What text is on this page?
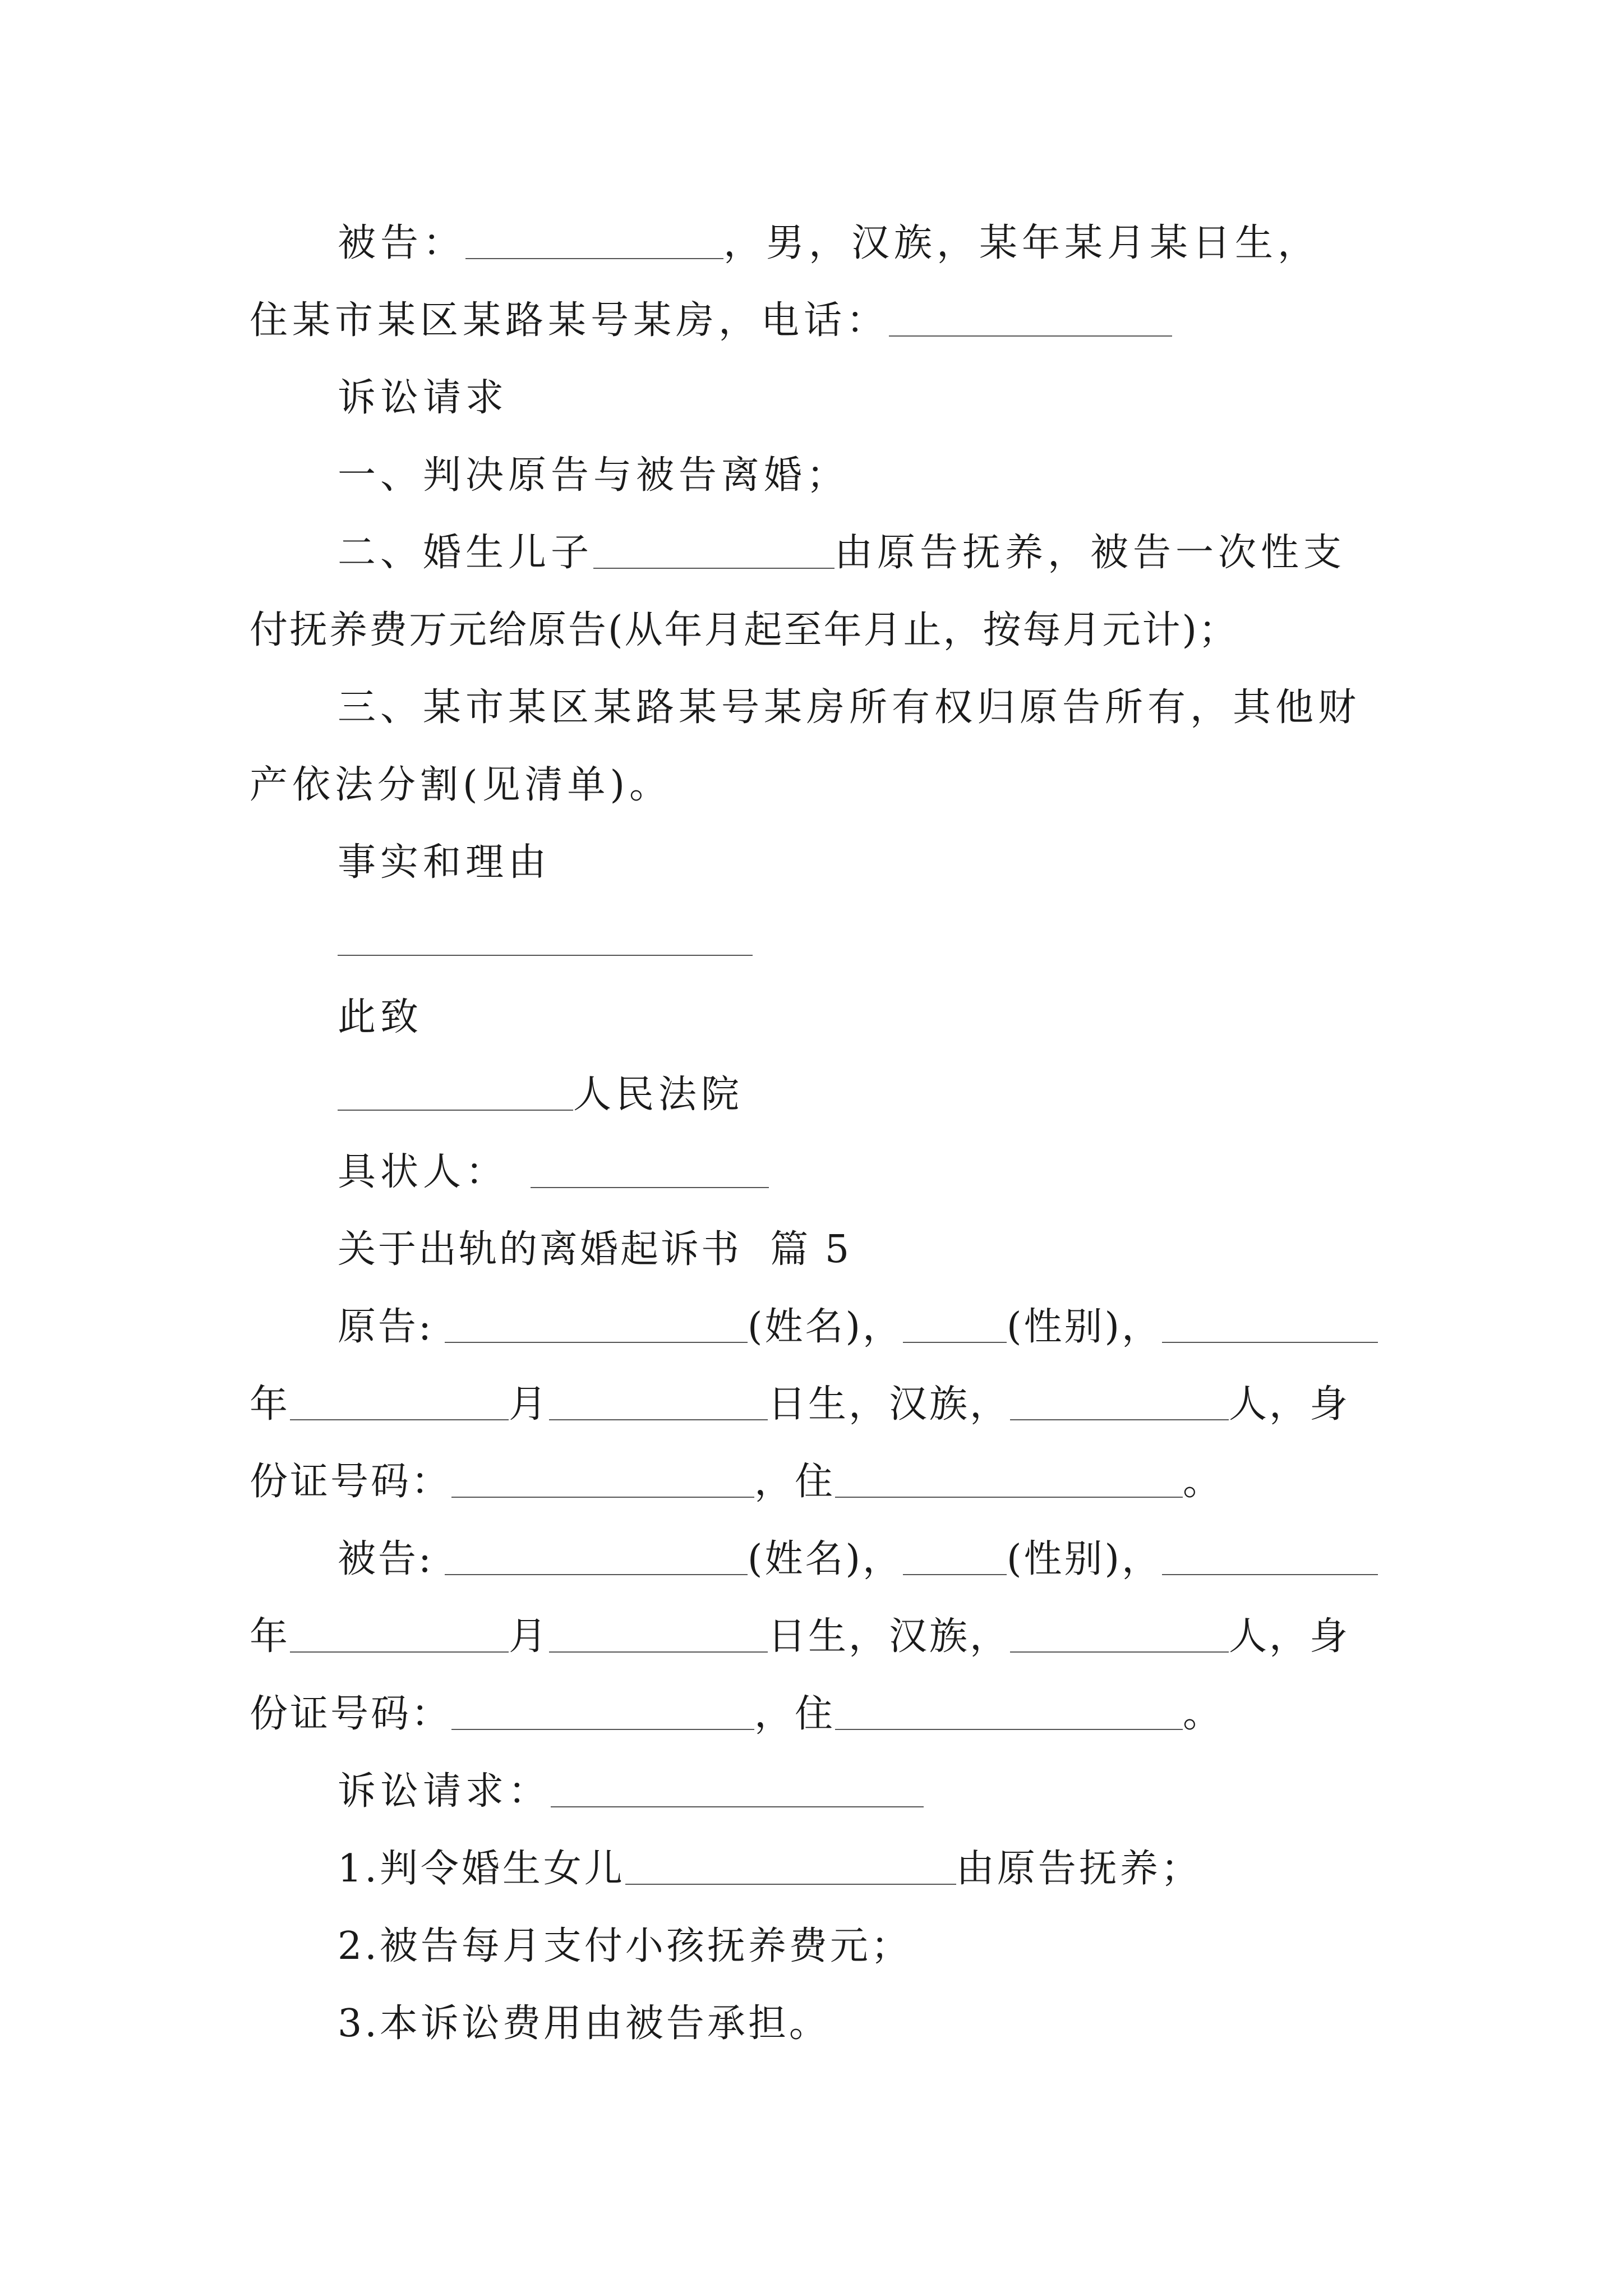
被告：	，男，汉族，某年某月某日生，
住某市某区某路某号某房，电话：
诉讼请求
一、判决原告与被告离婚；
二、婚生儿子	由原告抚养，被告一次性支
付抚养费万元给原告(从年月起至年月止，按每月元计)；
三、某市某区某路某号某房所有权归原告所有，其他财
产依法分割(见清单)。
事实和理由
此致
人民法院
具状人：
关于出轨的离婚起诉书  篇 5
原告:	(姓名)，	(性别)，
年	月	日生，汉族，	人，身
份证号码：	，住	。
被告:	(姓名)，	(性别)，
年	月	日生，汉族，	人，身
份证号码：	，住	。
诉讼请求：
1.判令婚生女儿	由原告抚养；
2.被告每月支付小孩抚养费元；
3.本诉讼费用由被告承担。
